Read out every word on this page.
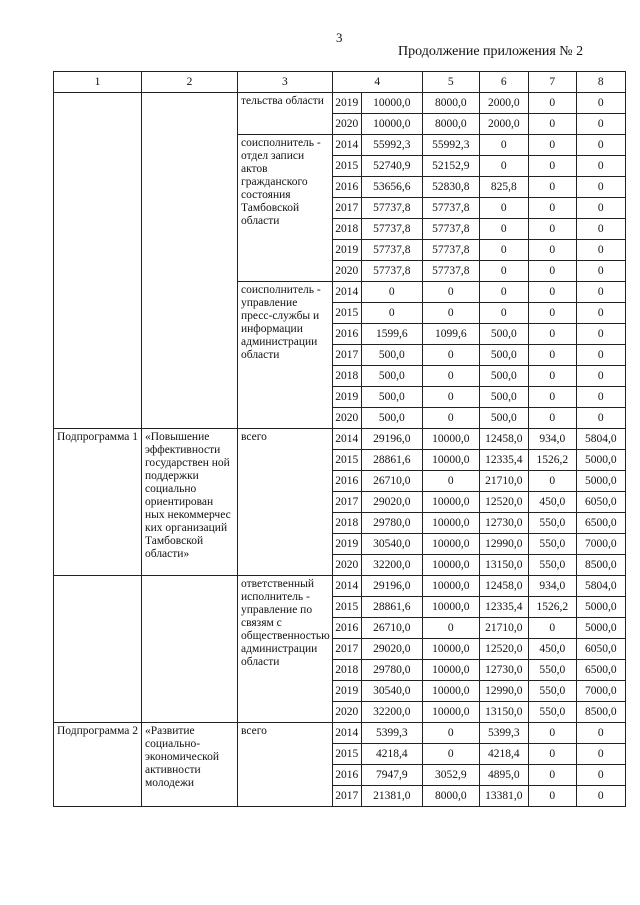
3
Продолжение приложения № 2
1	2	3	4		5	6	7	8
		тельства области	2019	10000,0	8000,0	2000,0	0	0
			2020	10000,0	8000,0	2000,0	0	0
		соисполнитель - отдел записи актов гражданского состояния Тамбовской области	2014	55992,3	55992,3	0	0	0
			2015	52740,9	52152,9	0	0	0
			2016	53656,6	52830,8	825,8	0	0
			2017	57737,8	57737,8	0	0	0
			2018	57737,8	57737,8	0	0	0
			2019	57737,8	57737,8	0	0	0
			2020	57737,8	57737,8	0	0	0
		соисполнитель - управление пресс-службы и информации администрации области	2014	0	0	0	0	0
			2015	0	0	0	0	0
			2016	1599,6	1099,6	500,0	0	0
			2017	500,0	0	500,0	0	0
			2018	500,0	0	500,0	0	0
			2019	500,0	0	500,0	0	0
			2020	500,0	0	500,0	0	0
Подпрограмма 1	«Повышение эффективности государствен ной поддержки социально ориентирован ных некоммерчес ких организаций Тамбовской области»	всего	2014	29196,0	10000,0	12458,0	934,0	5804,0
			2015	28861,6	10000,0	12335,4	1526,2	5000,0
			2016	26710,0	0	21710,0	0	5000,0
			2017	29020,0	10000,0	12520,0	450,0	6050,0
			2018	29780,0	10000,0	12730,0	550,0	6500,0
			2019	30540,0	10000,0	12990,0	550,0	7000,0
			2020	32200,0	10000,0	13150,0	550,0	8500,0
		ответственный исполнитель - управление по связям с общественностью администрации области	2014	29196,0	10000,0	12458,0	934,0	5804,0
			2015	28861,6	10000,0	12335,4	1526,2	5000,0
			2016	26710,0	0	21710,0	0	5000,0
			2017	29020,0	10000,0	12520,0	450,0	6050,0
			2018	29780,0	10000,0	12730,0	550,0	6500,0
			2019	30540,0	10000,0	12990,0	550,0	7000,0
			2020	32200,0	10000,0	13150,0	550,0	8500,0
Подпрограмма 2	«Развитие социально-экономической активности молодежи	всего	2014	5399,3	0	5399,3	0	0
			2015	4218,4	0	4218,4	0	0
			2016	7947,9	3052,9	4895,0	0	0
			2017	21381,0	8000,0	13381,0	0	0
